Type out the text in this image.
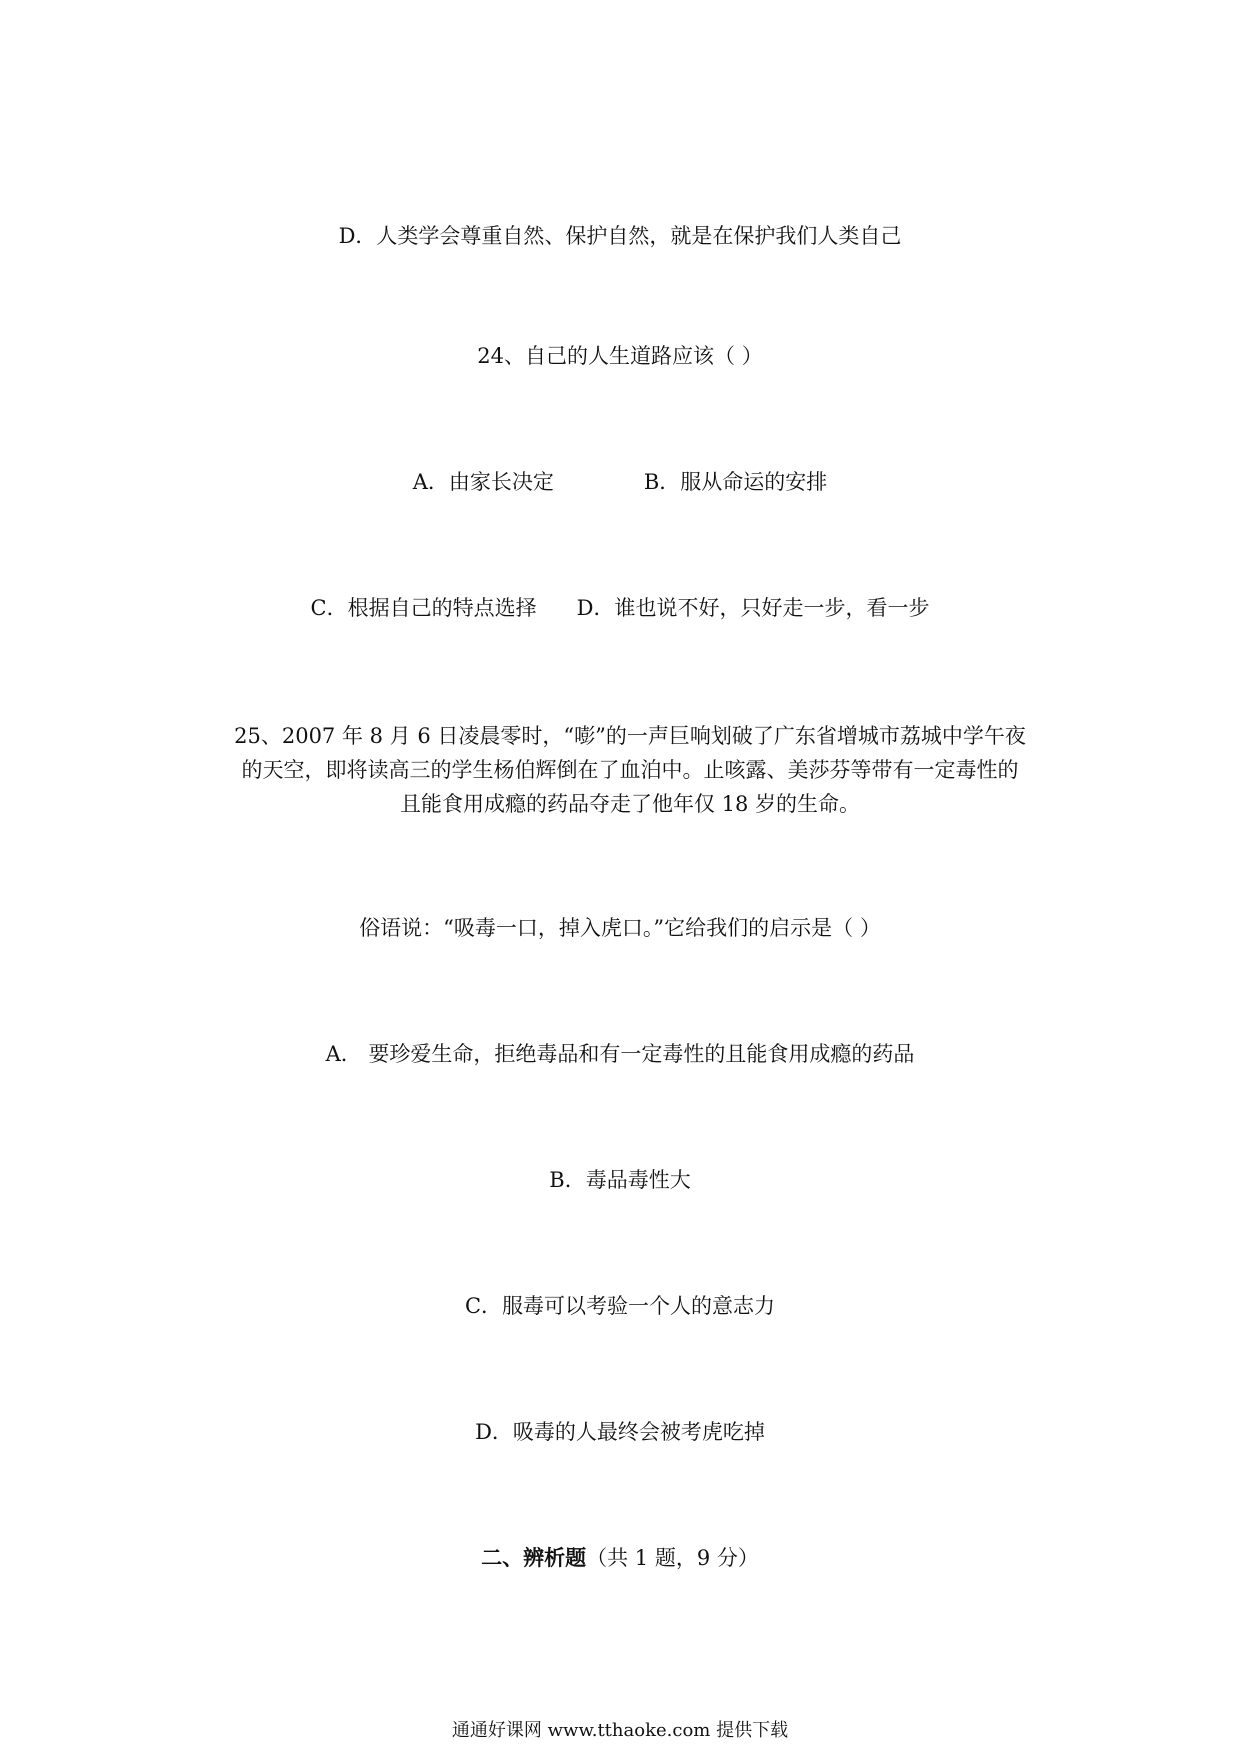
D．人类学会尊重自然、保护自然，就是在保护我们人类自己
24、自己的人生道路应该（ ）
A．由家长决定	B．服从命运的安排
C．根据自己的特点选择 D．谁也说不好，只好走一步，看一步
25、2007 年 8 月 6 日凌晨零时，“嘭”的一声巨响划破了广东省增城市荔城中学午夜
的天空，即将读高三的学生杨伯辉倒在了血泊中。止咳露、美莎芬等带有一定毒性的
且能食用成瘾的药品夺走了他年仅 18 岁的生命。
俗语说：“吸毒一口，掉入虎口。”它给我们的启示是（ ）
A． 要珍爱生命，拒绝毒品和有一定毒性的且能食用成瘾的药品
B．毒品毒性大
C．服毒可以考验一个人的意志力
D．吸毒的人最终会被考虎吃掉
二、辨析题（共 1 题，9 分）
通通好课网 www.tthaoke.com 提供下载
